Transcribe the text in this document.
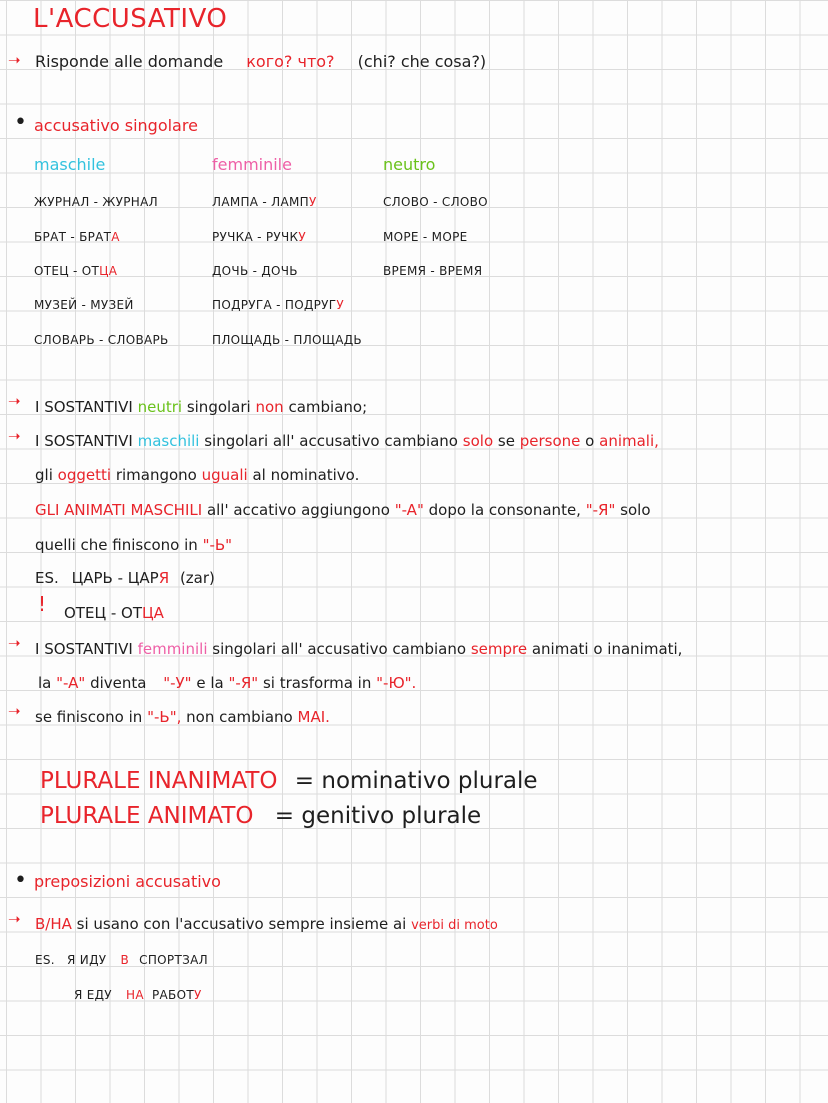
L'ACCUSATIVO
➝ Risponde alle domande кого? что? (chi? che cosa?)
• accusativo singolare
maschile	femminile	neutro
ЖУРНАЛ - ЖУРНАЛ
БРАТ - БРАТА
ОТЕЦ - ОТЦА
МУЗЕЙ - МУЗЕЙ
СЛОВАРЬ - СЛОВАРЬ
ЛАМПА - ЛАМПУ
РУЧКА - РУЧКУ
ДОЧЬ - ДОЧЬ
ПОДРУГА - ПОДРУГУ
ПЛОЩАДЬ - ПЛОЩАДЬ
СЛОВО - СЛОВО
МОРЕ - МОРЕ
ВРЕМЯ - ВРЕМЯ
➝ I SOSTANTIVI neutri singolari non cambiano;
➝ I SOSTANTIVI maschili singolari all' accusativo cambiano solo se persone o animali,
gli oggetti rimangono uguali al nominativo.
GLI ANIMATI MASCHILI all' accativo aggiungono "-A" dopo la consonante, "-Я" solo
quelli che finiscono in "-Ь"
ES. ЦАРЬ - ЦАРЯ (zar)
! ОТЕЦ - ОТЦА
➝ I SOSTANTIVI femminili singolari all' accusativo cambiano sempre animati o inanimati,
la "-A" diventa "-У" e la "-Я" si trasforma in "-Ю".
➝ se finiscono in "-Ь", non cambiano MAI.
PLURALE INANIMATO = nominativo plurale
PLURALE ANIMATO = genitivo plurale
• preposizioni accusativo
➝ В/НА si usano con l'accusativo sempre insieme ai verbi di moto
ES. Я ИДУ В СПОРТЗАЛ
Я ЕДУ НА РАБОТУ
